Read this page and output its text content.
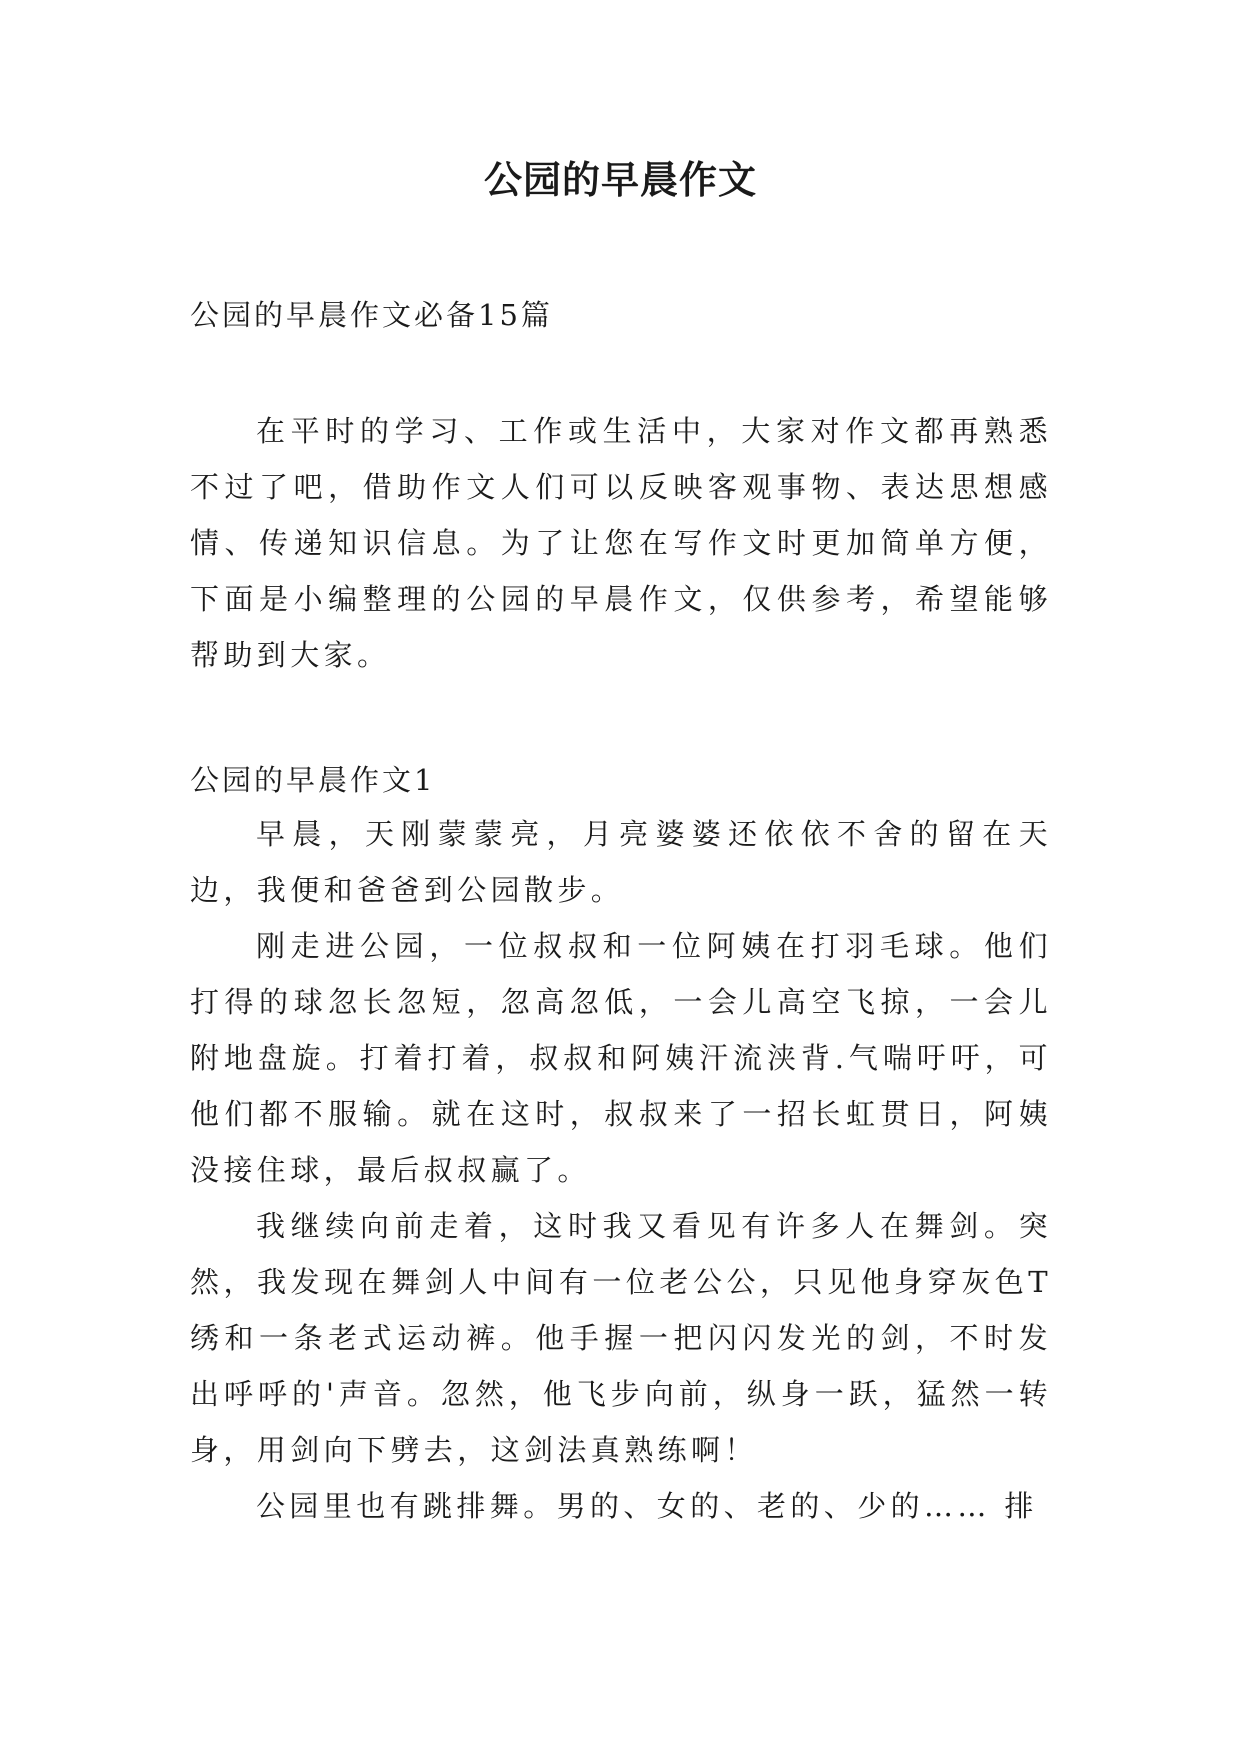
公园的早晨作文
公园的早晨作文必备15篇

在平时的学习、工作或生活中，大家对作文都再熟悉不过了吧，借助作文人们可以反映客观事物、表达思想感情、传递知识信息。为了让您在写作文时更加简单方便，下面是小编整理的公园的早晨作文，仅供参考，希望能够帮助到大家。

公园的早晨作文1

早晨，天刚蒙蒙亮，月亮婆婆还依依不舍的留在天边，我便和爸爸到公园散步。

刚走进公园，一位叔叔和一位阿姨在打羽毛球。他们打得的球忽长忽短，忽高忽低，一会儿高空飞掠，一会儿附地盘旋。打着打着，叔叔和阿姨汗流浃背.气喘吁吁，可他们都不服输。就在这时，叔叔来了一招长虹贯日，阿姨没接住球，最后叔叔赢了。

我继续向前走着，这时我又看见有许多人在舞剑。突然，我发现在舞剑人中间有一位老公公，只见他身穿灰色T绣和一条老式运动裤。他手握一把闪闪发光的剑，不时发出呼呼的'声音。忽然，他飞步向前，纵身一跃，猛然一转身，用剑向下劈去，这剑法真熟练啊！

公园里也有跳排舞。男的、女的、老的、少的…… 排
